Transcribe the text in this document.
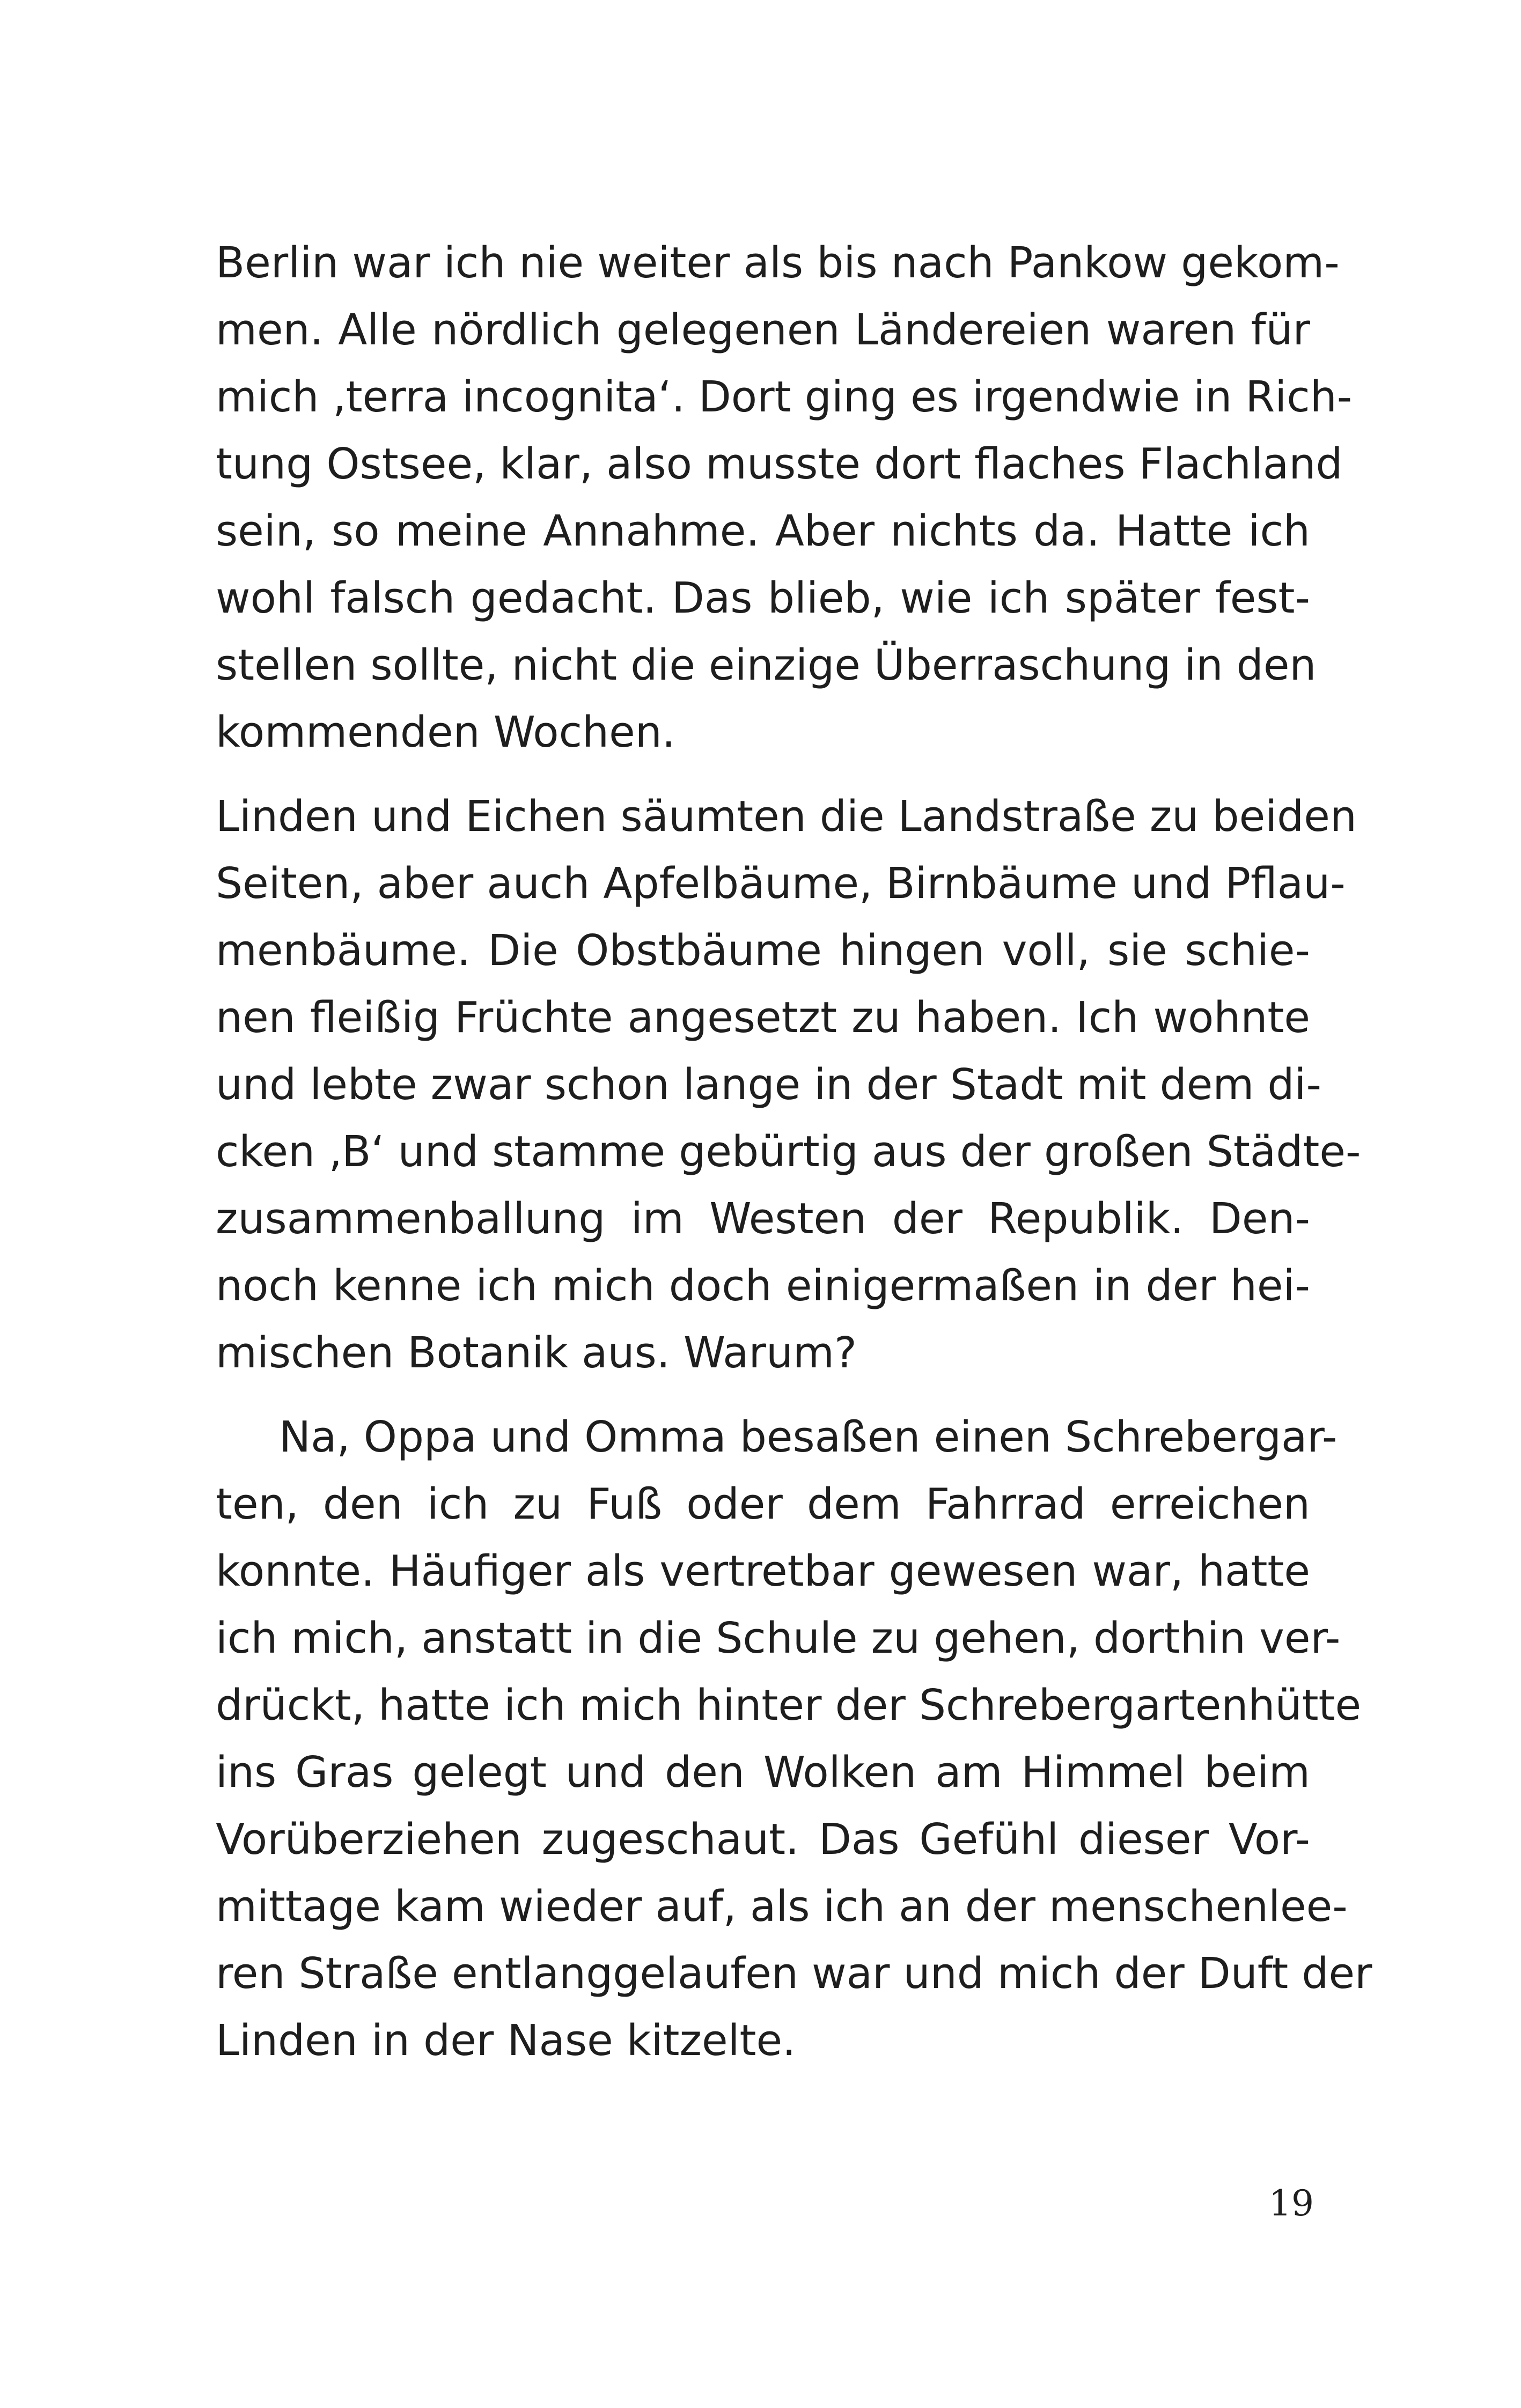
Berlin war ich nie weiter als bis nach Pankow gekom-
men. Alle nördlich gelegenen Ländereien waren für
mich ‚terra incognita‘. Dort ging es irgendwie in Rich-
tung Ostsee, klar, also musste dort flaches Flachland
sein, so meine Annahme. Aber nichts da. Hatte ich
wohl falsch gedacht. Das blieb, wie ich später fest-
stellen sollte, nicht die einzige Überraschung in den
kommenden Wochen.
Linden und Eichen säumten die Landstraße zu beiden
Seiten, aber auch Apfelbäume, Birnbäume und Pflau-
menbäume. Die Obstbäume hingen voll, sie schie-
nen fleißig Früchte angesetzt zu haben. Ich wohnte
und lebte zwar schon lange in der Stadt mit dem di-
cken ‚B‘ und stamme gebürtig aus der großen Städte-
zusammenballung im Westen der Republik. Den-
noch kenne ich mich doch einigermaßen in der hei-
mischen Botanik aus. Warum?
Na, Oppa und Omma besaßen einen Schrebergar-
ten, den ich zu Fuß oder dem Fahrrad erreichen
konnte. Häufiger als vertretbar gewesen war, hatte
ich mich, anstatt in die Schule zu gehen, dorthin ver-
drückt, hatte ich mich hinter der Schrebergartenhütte
ins Gras gelegt und den Wolken am Himmel beim
Vorüberziehen zugeschaut. Das Gefühl dieser Vor-
mittage kam wieder auf, als ich an der menschenlee-
ren Straße entlanggelaufen war und mich der Duft der
Linden in der Nase kitzelte.
19
